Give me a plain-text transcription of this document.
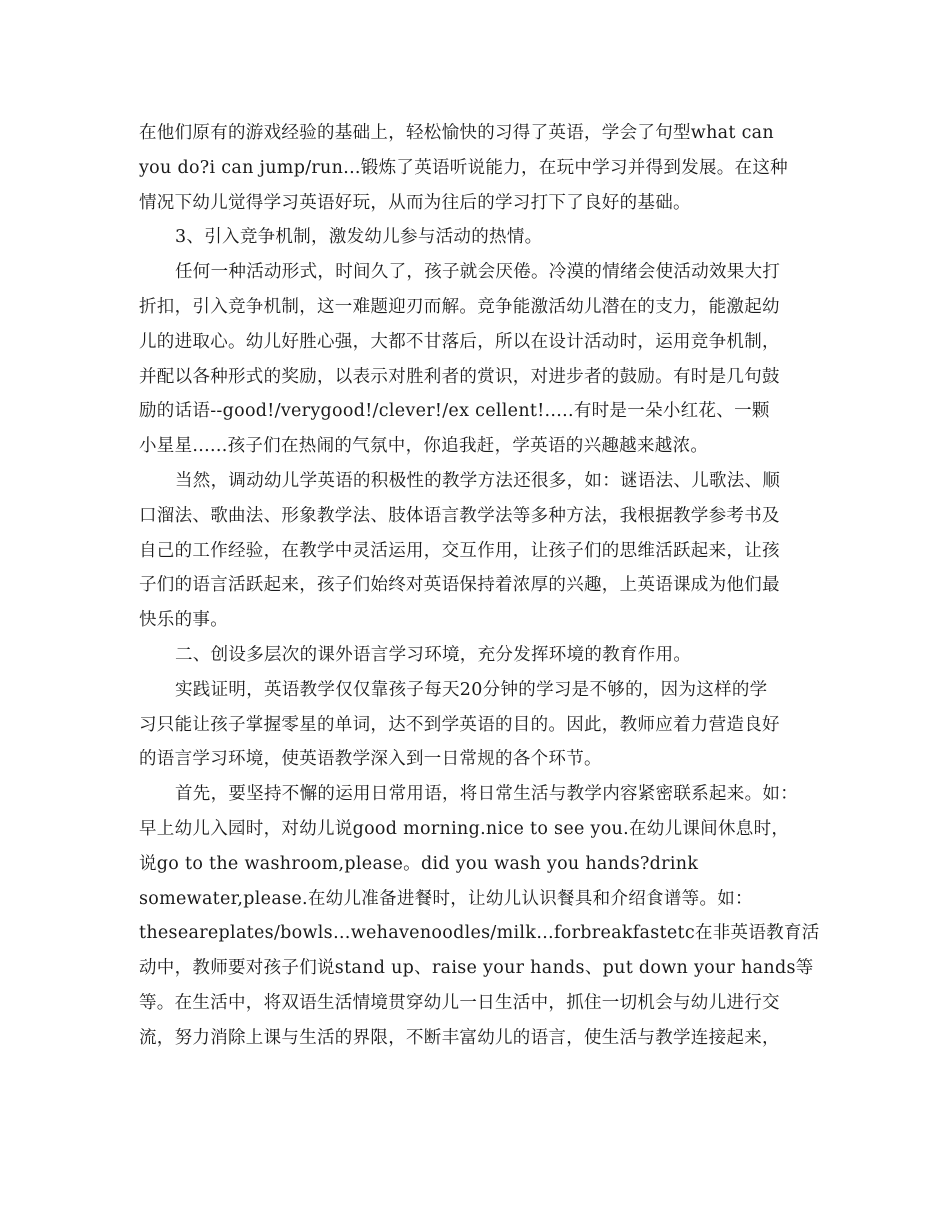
在他们原有的游戏经验的基础上，轻松愉快的习得了英语，学会了句型what can
you do?i can jump/run...锻炼了英语听说能力，在玩中学习并得到发展。在这种
情况下幼儿觉得学习英语好玩，从而为往后的学习打下了良好的基础。
3、引入竞争机制，激发幼儿参与活动的热情。
任何一种活动形式，时间久了，孩子就会厌倦。冷漠的情绪会使活动效果大打
折扣，引入竞争机制，这一难题迎刃而解。竞争能激活幼儿潜在的支力，能激起幼
儿的进取心。幼儿好胜心强，大都不甘落后，所以在设计活动时，运用竞争机制，
并配以各种形式的奖励，以表示对胜利者的赏识，对进步者的鼓励。有时是几句鼓
励的话语--good!/verygood!/clever!/ex cellent!.....有时是一朵小红花、一颗
小星星......孩子们在热闹的气氛中，你追我赶，学英语的兴趣越来越浓。
当然，调动幼儿学英语的积极性的教学方法还很多，如：谜语法、儿歌法、顺
口溜法、歌曲法、形象教学法、肢体语言教学法等多种方法，我根据教学参考书及
自己的工作经验，在教学中灵活运用，交互作用，让孩子们的思维活跃起来，让孩
子们的语言活跃起来，孩子们始终对英语保持着浓厚的兴趣，上英语课成为他们最
快乐的事。
二、创设多层次的课外语言学习环境，充分发挥环境的教育作用。
实践证明，英语教学仅仅靠孩子每天20分钟的学习是不够的，因为这样的学
习只能让孩子掌握零星的单词，达不到学英语的目的。因此，教师应着力营造良好
的语言学习环境，使英语教学深入到一日常规的各个环节。
首先，要坚持不懈的运用日常用语，将日常生活与教学内容紧密联系起来。如：
早上幼儿入园时，对幼儿说good morning.nice to see you.在幼儿课间休息时，
说go to the washroom,please。did you wash you hands?drink
somewater,please.在幼儿准备进餐时，让幼儿认识餐具和介绍食谱等。如：
theseareplates/bowls…wehavenoodles/milk…forbreakfastetc在非英语教育活
动中，教师要对孩子们说stand up、raise your hands、put down your hands等
等。在生活中，将双语生活情境贯穿幼儿一日生活中，抓住一切机会与幼儿进行交
流，努力消除上课与生活的界限，不断丰富幼儿的语言，使生活与教学连接起来，
